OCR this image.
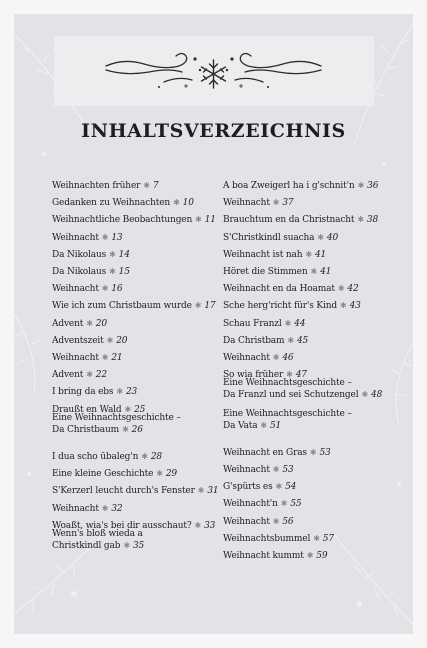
INHALTSVERZEICHNIS
Weihnachten früher ✱ 7
Gedanken zu Weihnachten ✱ 10
Weihnachtliche Beobachtungen ✱ 11
Weihnacht ✱ 13
Da Nikolaus ✱ 14
Da Nikolaus ✱ 15
Weihnacht ✱ 16
Wie ich zum Christbaum wurde ✱ 17
Advent ✱ 20
Adventszeit ✱ 20
Weihnacht ✱ 21
Advent ✱ 22
I bring da ebs ✱ 23
Draußt en Wald ✱ 25
Eine Weihnachtsgeschichte –
Da Christbaum ✱ 26
I dua scho ūbaleg'n ✱ 28
Eine kleine Geschichte ✱ 29
S'Kerzerl leucht durch's Fenster ✱ 31
Weihnacht ✱ 32
Woaßt, wia's bei dir ausschaut? ✱ 33
Wenn's bloß wieda a
Christkindl gab ✱ 35
A boa Zweigerl ha i g'schnit'n ✱ 36
Weihnacht ✱ 37
Brauchtum en da Christnacht ✱ 38
S'Christkindl suacha ✱ 40
Weihnacht ist nah ✱ 41
Höret die Stimmen ✱ 41
Weihnacht en da Hoamat ✱ 42
Sche herg'richt für's Kind ✱ 43
Schau Franzl ✱ 44
Da Christbam ✱ 45
Weihnacht ✱ 46
So wia früher ✱ 47
Eine Weihnachtsgeschichte –
Da Franzl und sei Schutzengel ✱ 48
Eine Weihnachtsgeschichte –
Da Vata ✱ 51
Weihnacht en Gras ✱ 53
Weihnacht ✱ 53
G'spürts es ✱ 54
Weihnacht'n ✱ 55
Weihnacht ✱ 56
Weihnachtsbummel ✱ 57
Weihnacht kummt ✱ 59
